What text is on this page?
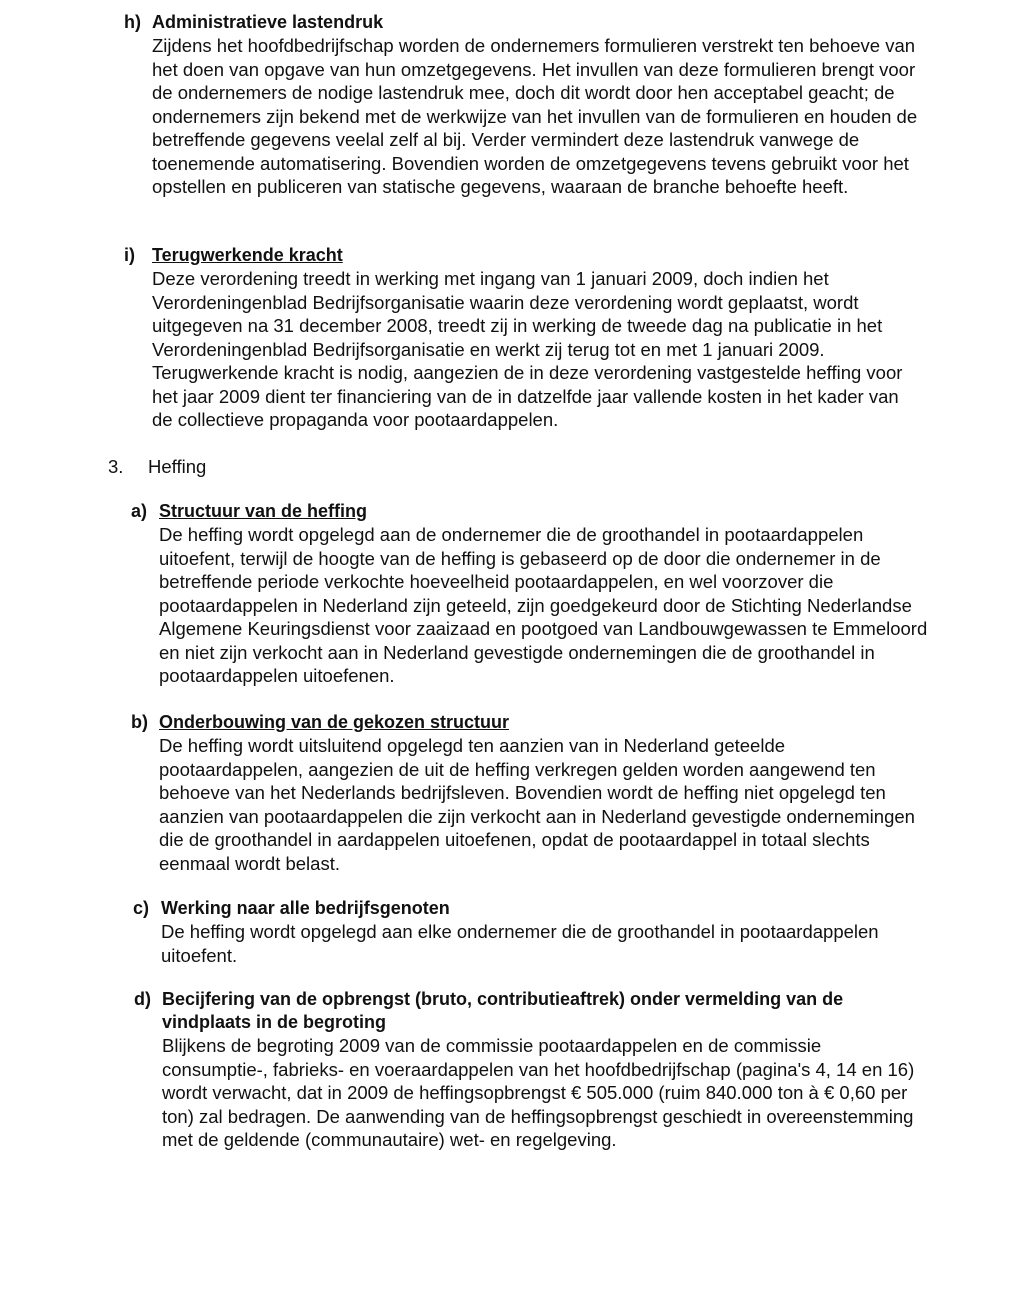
h) Administratieve lastendruk
Zijdens het hoofdbedrijfschap worden de ondernemers formulieren verstrekt ten behoeve van het doen van opgave van hun omzetgegevens. Het invullen van deze formulieren brengt voor de ondernemers de nodige lastendruk mee, doch dit wordt door hen acceptabel geacht; de ondernemers zijn bekend met de werkwijze van het invullen van de formulieren en houden de betreffende gegevens veelal zelf al bij. Verder vermindert deze lastendruk vanwege de toenemende automatisering. Bovendien worden de omzetgegevens tevens gebruikt voor het opstellen en publiceren van statische gegevens, waaraan de branche behoefte heeft.
i) Terugwerkende kracht
Deze verordening treedt in werking met ingang van 1 januari 2009, doch indien het Verordeningenblad Bedrijfsorganisatie waarin deze verordening wordt geplaatst, wordt uitgegeven na 31 december 2008, treedt zij in werking de tweede dag na publicatie in het Verordeningenblad Bedrijfsorganisatie en werkt zij terug tot en met 1 januari 2009. Terugwerkende kracht is nodig, aangezien de in deze verordening vastgestelde heffing voor het jaar 2009 dient ter financiering van de in datzelfde jaar vallende kosten in het kader van de collectieve propaganda voor pootaardappelen.
3.	Heffing
a) Structuur van de heffing
De heffing wordt opgelegd aan de ondernemer die de groothandel in pootaardappelen uitoefent, terwijl de hoogte van de heffing is gebaseerd op de door die ondernemer in de betreffende periode verkochte hoeveelheid pootaardappelen, en wel voorzover die pootaardappelen in Nederland zijn geteeld, zijn goedgekeurd door de Stichting Nederlandse Algemene Keuringsdienst voor zaaizaad en pootgoed van Landbouwgewassen te Emmeloord en niet zijn verkocht aan in Nederland gevestigde ondernemingen die de groothandel in pootaardappelen uitoefenen.
b) Onderbouwing van de gekozen structuur
De heffing wordt uitsluitend opgelegd ten aanzien van in Nederland geteelde pootaardappelen, aangezien de uit de heffing verkregen gelden worden aangewend ten behoeve van het Nederlands bedrijfsleven. Bovendien wordt de heffing niet opgelegd ten aanzien van pootaardappelen die zijn verkocht aan in Nederland gevestigde ondernemingen die de groothandel in aardappelen uitoefenen, opdat de pootaardappel in totaal slechts eenmaal wordt belast.
c) Werking naar alle bedrijfsgenoten
De heffing wordt opgelegd aan elke ondernemer die de groothandel in pootaardappelen uitoefent.
d) Becijfering van de opbrengst (bruto, contributieaftrek) onder vermelding van de vindplaats in de begroting
Blijkens de begroting 2009 van de commissie pootaardappelen en de commissie consumptie-, fabrieks- en voeraardappelen van het hoofdbedrijfschap (pagina's 4, 14 en 16) wordt verwacht, dat in 2009 de heffingsopbrengst € 505.000 (ruim 840.000 ton à € 0,60 per ton) zal bedragen. De aanwending van de heffingsopbrengst geschiedt in overeenstemming met de geldende (communautaire) wet- en regelgeving.
